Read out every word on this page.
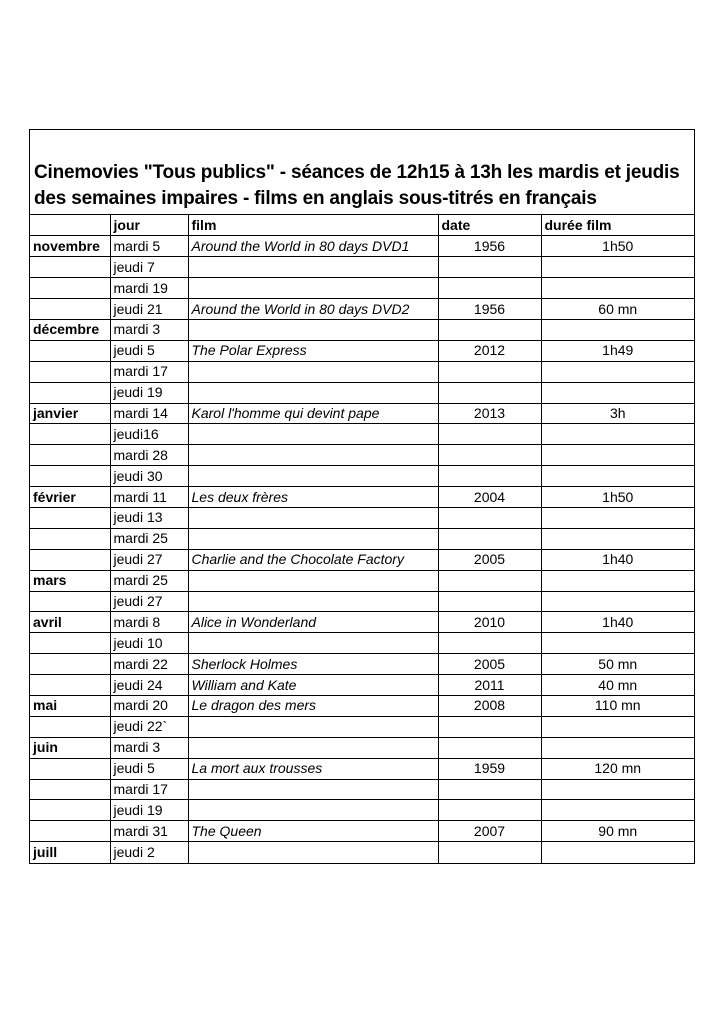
Cinemovies "Tous publics" - séances de 12h15 à 13h les mardis et jeudis
des semaines impaires - films en anglais sous-titrés en français
	jour	film	date	durée film
novembre	mardi 5	Around the World in 80 days DVD1	1956	1h50
	jeudi 7			
	mardi 19			
	jeudi 21	Around the World in 80 days DVD2	1956	60 mn
décembre	mardi 3			
	jeudi 5	The Polar Express	2012	1h49
	mardi 17			
	jeudi 19			
janvier	mardi 14	Karol l'homme qui devint pape	2013	3h
	jeudi16			
	mardi 28			
	jeudi 30			
février	mardi 11	Les deux frères	2004	1h50
	jeudi 13			
	mardi 25			
	jeudi 27	Charlie and the Chocolate Factory	2005	1h40
mars	mardi 25			
	jeudi 27			
avril	mardi 8	Alice in Wonderland	2010	1h40
	jeudi 10			
	mardi 22	Sherlock Holmes	2005	50 mn
	jeudi 24	William and Kate	2011	40 mn
mai	mardi 20	Le dragon des mers	2008	110 mn
	jeudi 22`			
juin	mardi 3			
	jeudi 5	La mort aux trousses	1959	120 mn
	mardi 17			
	jeudi 19			
	mardi 31	The Queen	2007	90 mn
juill	jeudi 2			
